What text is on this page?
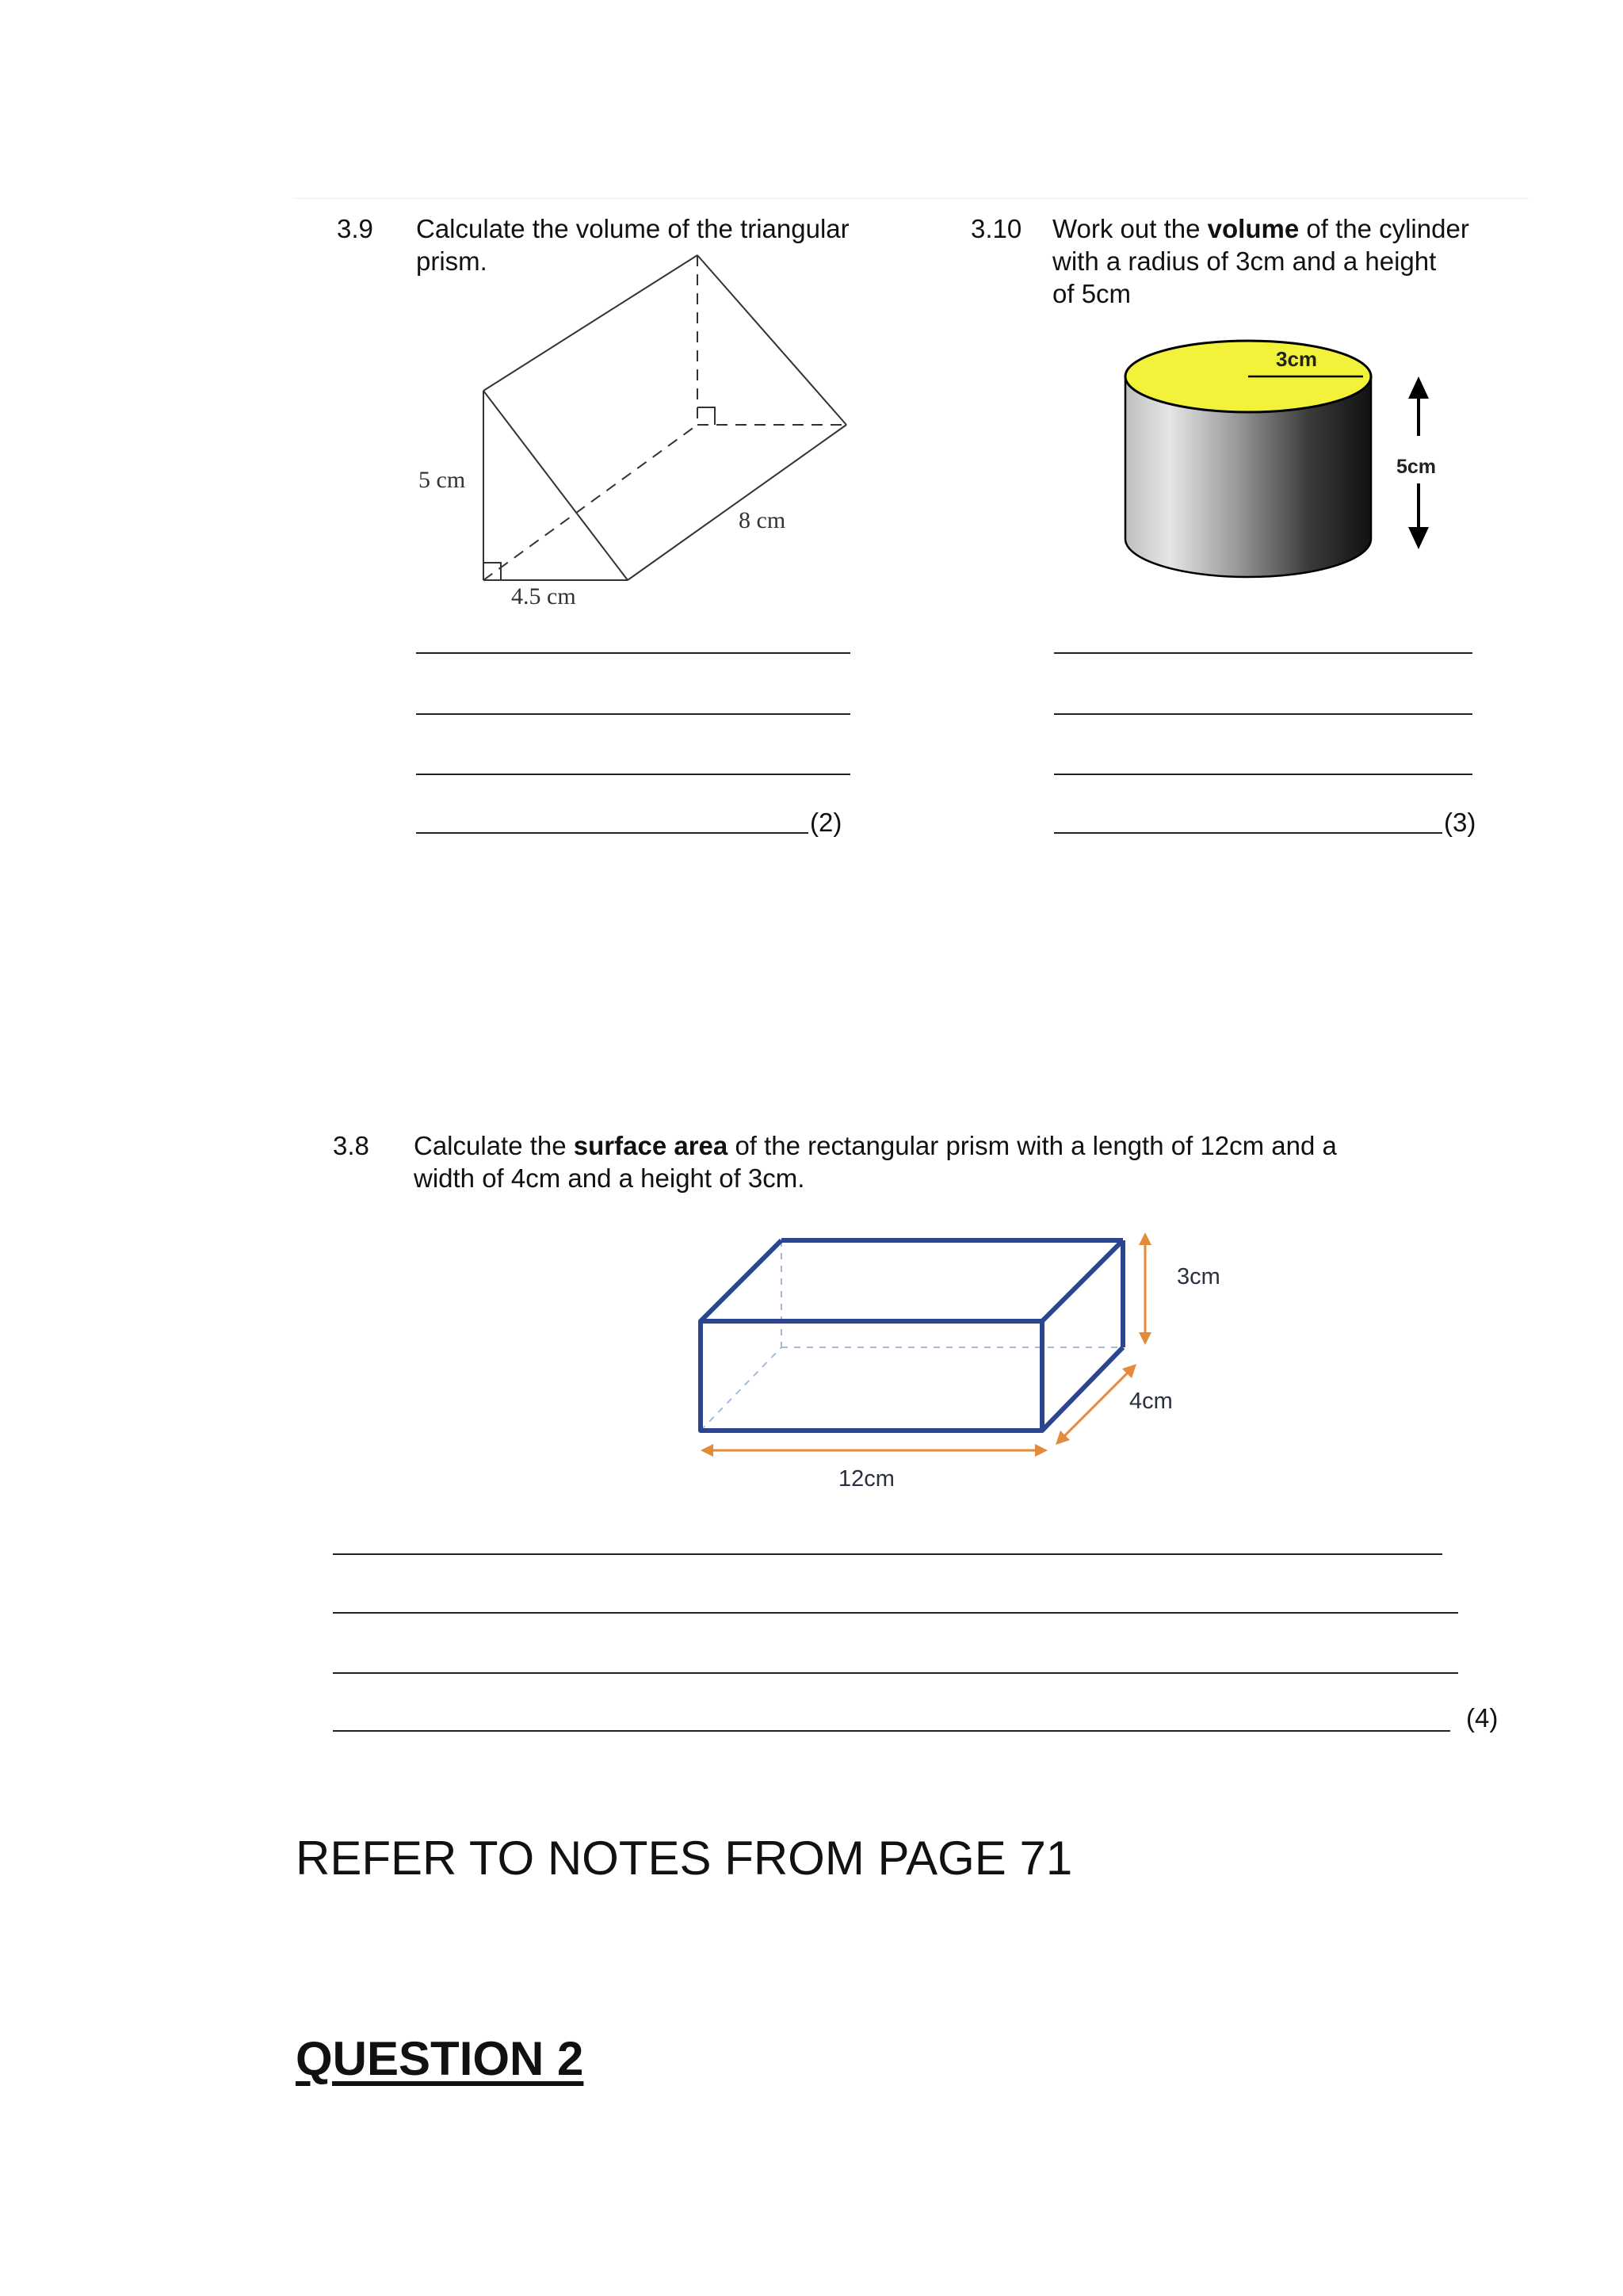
3.9 Calculate the volume of the triangular
prism.
5 cm
8 cm
4.5 cm
(2)
3.10 Work out the volume of the cylinder
with a radius of 3cm and a height
of 5cm
3cm
5cm
(3)
3.8 Calculate the surface area of the rectangular prism with a length of 12cm and a
width of 4cm and a height of 3cm.
3cm
4cm
12cm
(4)
REFER TO NOTES FROM PAGE 71
QUESTION 2
